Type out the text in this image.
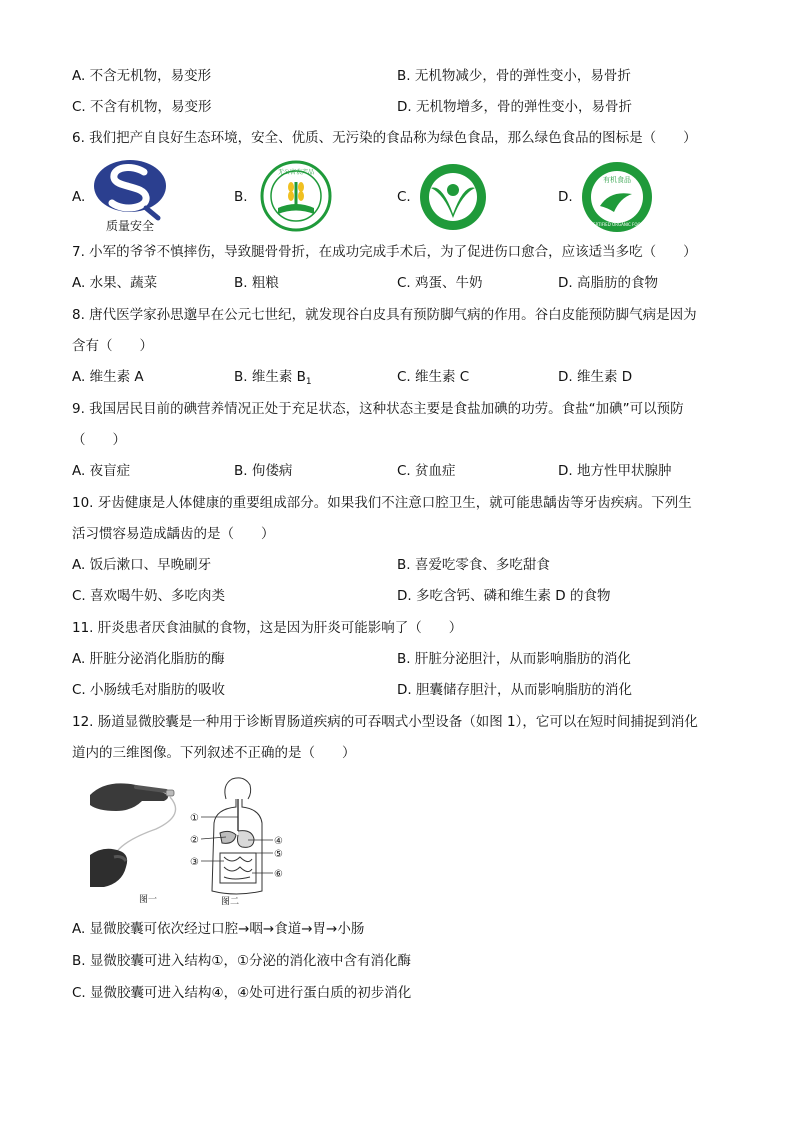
A. 不含无机物，易变形	B. 无机物减少，骨的弹性变小，易骨折
C. 不含有机物，易变形	D. 无机物增多，骨的弹性变小，易骨折
6. 我们把产自良好生态环境，安全、优质、无污染的食品称为绿色食品，那么绿色食品的图标是（　　）
A.
质量安全
B.
无公害农产品
C.	D.
有机食品
CERTIFIED ORGANIC FOOD
7. 小军的爷爷不慎摔伤，导致腿骨骨折，在成功完成手术后，为了促进伤口愈合，应该适当多吃（　　）
A. 水果、蔬菜	B. 粗粮	C. 鸡蛋、牛奶	D. 高脂肪的食物
8. 唐代医学家孙思邈早在公元七世纪，就发现谷白皮具有预防脚气病的作用。谷白皮能预防脚气病是因为
含有（　　）
A. 维生素 A	B. 维生素 $B_1$	C. 维生素 C	D. 维生素 D
9. 我国居民目前的碘营养情况正处于充足状态，这种状态主要是食盐加碘的功劳。食盐“加碘”可以预防
（　　）
A. 夜盲症	B. 佝偻病	C. 贫血症	D. 地方性甲状腺肿
10. 牙齿健康是人体健康的重要组成部分。如果我们不注意口腔卫生，就可能患龋齿等牙齿疾病。下列生
活习惯容易造成龋齿的是（　　）
A. 饭后漱口、早晚刷牙	B. 喜爱吃零食、多吃甜食
C. 喜欢喝牛奶、多吃肉类	D. 多吃含钙、磷和维生素 D 的食物
11. 肝炎患者厌食油腻的食物，这是因为肝炎可能影响了（　　）
A. 肝脏分泌消化脂肪的酶	B. 肝脏分泌胆汁，从而影响脂肪的消化
C. 小肠绒毛对脂肪的吸收	D. 胆囊储存胆汁，从而影响脂肪的消化
12. 肠道显微胶囊是一种用于诊断胃肠道疾病的可吞咽式小型设备（如图 1），它可以在短时间捕捉到消化
道内的三维图像。下列叙述不正确的是（　　）
图一
①
②
③
④
⑤
⑥
图二
A. 显微胶囊可依次经过口腔→咽→食道→胃→小肠
B. 显微胶囊可进入结构①，①分泌的消化液中含有消化酶
C. 显微胶囊可进入结构④，④处可进行蛋白质的初步消化
